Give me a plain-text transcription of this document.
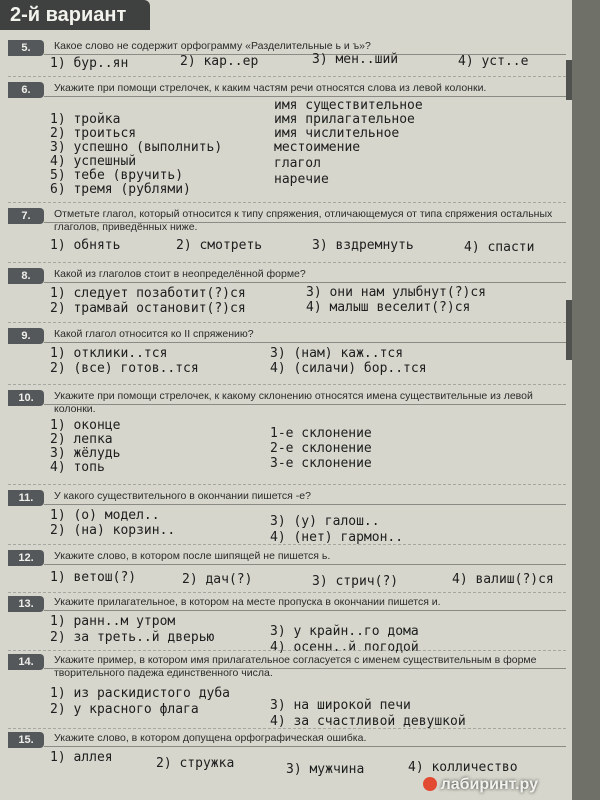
2-й вариант
5.	Какое слово не содержит орфограмму «Разделительные ь и ъ»?
1) бур..ян	2) кар..ер	3) мен..ший	4) уст..е
6.	Укажите при помощи стрелочек, к каким частям речи относятся слова из левой колонки.
1) тройка
2) троиться
3) успешно (выполнить)
4) успешный
5) тебе (вручить)
6) тремя (рублями)
имя существительное
имя прилагательное
имя числительное
местоимение
глагол
наречие
7.	Отметьте глагол, который относится к типу спряжения, отличающемуся от типа спряжения остальных глаголов, приведённых ниже.
1) обнять	2) смотреть	3) вздремнуть	4) спасти
8.	Какой из глаголов стоит в неопределённой форме?
1) следует позаботит(?)ся
2) трамвай остановит(?)ся
3) они нам улыбнут(?)ся
4) малыш веселит(?)ся
9.	Какой глагол относится ко II спряжению?
1) отклики..тся
2) (все) готов..тся
3) (нам) каж..тся
4) (силачи) бор..тся
10.	Укажите при помощи стрелочек, к какому склонению относятся имена существительные из левой колонки.
1) оконце
2) лепка
3) жёлудь
4) топь
1-е склонение
2-е склонение
3-е склонение
11.	У какого существительного в окончании пишется -е?
1) (о) модел..
2) (на) корзин..
3) (у) галош..
4) (нет) гармон..
12.	Укажите слово, в котором после шипящей не пишется ь.
1) ветош(?)	2) дач(?)	3) стрич(?)	4) валиш(?)ся
13.	Укажите прилагательное, в котором на месте пропуска в окончании пишется и.
1) ранн..м утром
2) за треть..й дверью	3) у крайн..го дома
4) осенн..й погодой
14.	Укажите пример, в котором имя прилагательное согласуется с именем существительным в форме творительного падежа единственного числа.
1) из раскидистого дуба
2) у красного флага	3) на широкой печи
4) за счастливой девушкой
15.	Укажите слово, в котором допущена орфографическая ошибка.
1) аллея	2) стружка	3) мужчина	4) колличество
лабиринт.ру
